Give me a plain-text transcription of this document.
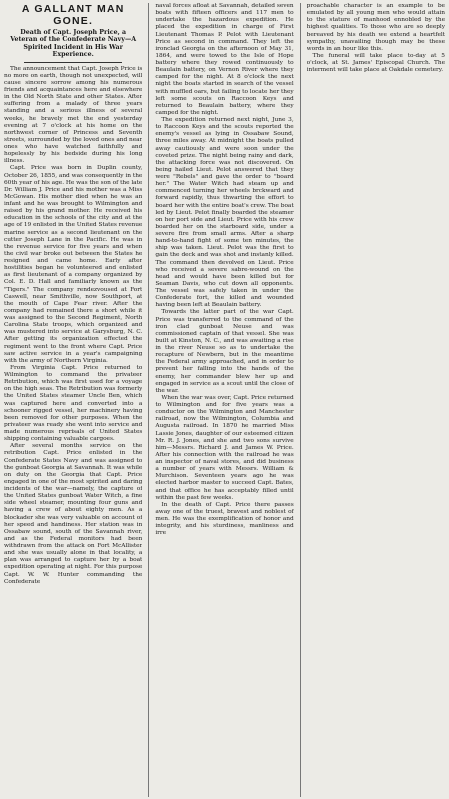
A GALLANT MAN GONE.
Death of Capt. Joseph Price, a Veteran of the Confederate Navy—A Spirited Incident in His War Experience.

The announcement that Capt. Joseph Price is no more on earth, though not unexpected, will cause sincere sorrow among his numerous friends and acquaintances here and elsewhere in the Old North State and other States. After suffering from a malady of three years standing and a serious illness of several weeks, he bravely met the end yesterday evening at 7 o'clock at his home on the northwest corner of Princess and Seventh streets, surrounded by the loved ones and near ones who have watched faithfully and hopelessly by his bedside during his long illness.

Capt. Price was born in Duplin county, October 26, 1855, and was consequently in the 60th year of his age. He was the son of the late Dr. William J. Price and his mother was a Miss McGowan. His mother died when he was an infant and he was brought to Wilmington and raised by his grand mother. He received his education in the schools of the city and at the age of 19 enlisted in the United States revenue marine service as a second lieutenant on the cutter Joseph Lane in the Pacific. He was in the revenue service for five years and when the civil war broke out between the States he resigned and came home. Early after hostilities began he volunteered and enlisted as first lieutenant of a company organized by Col. E. D. Hall and familiarly known as the "Tigers." The company rendezvoused at Fort Caswell, near Smithville, now Southport, at the mouth of Cape Fear river. After the company had remained there a short while it was assigned to the Second Regiment, North Carolina State troops, which organized and was mustered into service at Garysburg, N. C. After getting its organization effected the regiment went to the front where Capt. Price saw active service in a year's campaigning with the army of Northern Virginia.

From Virginia Capt. Price returned to Wilmington to command the privateer Retribution, which was first used for a voyage on the high seas. The Retribution was formerly the United States steamer Uncle Ben, which was captured here and converted into a schooner rigged vessel, her machinery having been removed for other purposes. When the privateer was ready she went into service and made numerous reprisals of United States shipping containing valuable cargoes.

After several months service on the retribution Capt. Price enlisted in the Confederate States Navy and was assigned to the gunboat Georgia at Savannah. It was while on duty on the Georgia that Capt. Price engaged in one of the most spirited and daring incidents of the war—namely, the capture of the United States gunboat Water Witch, a fine side wheel steamer, mounting four guns and having a crew of about eighty men. As a blockader she was very valuable on account of her speed and handiness. Her station was in Ossabaw sound, south of the Savannah river, and as the Federal monitors had been withdrawn from the attack on Fort McAllister and she was usually alone in that locality, a plan was arranged to capture her by a boat expedition operating at night. For this purpose Capt. W. W. Hunter commanding the Confederate

naval forces afloat at Savannah, detailed seven boats with fifteen officers and 117 men to undertake the hazardous expedition. He placed the expedition in charge of First Lieutenant Thomas P. Pelot with Lieutenant Price as second in command. They left the ironclad Georgia on the afternoon of May 31, 1864, and were towed to the Isle of Hope battery where they rowed continuously to Beaulain battery, on Vernon River where they camped for the night. At 8 o'clock the next night the boats started in search of the vessel with muffled oars, but failing to locate her they left some scouts on Raccoon Keys and returned to Beaulain battery, where they camped for the night.

The expedition returned next night, June 3, to Raccoon Keys and the scouts reported the enemy's vessel as lying in Ossabaw Sound, three miles away. At midnight the boats pulled away cautiously and were soon under the coveted prize. The night being rainy and dark, the attacking force was not discovered. On being hailed Lieut. Pelot answered that they were "Rebels" and gave the order to "board her." The Water Witch had steam up and commenced turning her wheels brckward and forward rapidly, thus thwarting the effort to board her with the entire boat's crew. The boat led by Lieut. Pelot finally boarded the steamer on her port side and Lieut. Price with his crew boarded her on the starboard side, under a severe fire from small arms. After a sharp hand-to-hand fight of some ten minutes, the ship was taken. Lieut. Pelot was the first to gain the deck and was shot and instanly killed. The command then devolved on Lieut. Price who received a severe sabre-wound on the head and would have been killed but for Seaman Davis, who cut down all opponents. The vessel was safely taken in under the Confederate fort, the killed and wounded having been left at Beaulain battery.

Towards the latter part of the war Capt. Price was transferred to the command of the iron clad gunboat Neuse and was commissioned captain of that vessel. She was built at Kinston, N. C., and was awaiting a rise in the river Neuse so as to undertake the recapture of Newbern, but in the meantime the Federal army approached, and in order to prevent her falling into the hands of the enemy, her commander blew her up and engaged in service as a scout until the close of the war.

When the war was over, Capt. Price returned to Wilmington and for five years was a conductor on the Wilmington and Manchester railroad, now the Wilmington, Columbia and Augusta railroad. In 1870 he married Miss Lassie Jones, daughter of our esteemed citizen Mr. R. J. Jones, and she and two sons survive him—Messrs. Richard J. and James W. Price. After his connection with the railroad he was an inspector of naval stores, and did business a number of years with Messrs. William & Murchison. Seventeen years ago he was elected harbor master to succeed Capt. Bates, and that office he has acceptably filled until within the past few weeks.

In the death of Capt. Price there passes away one of the truest, bravest and noblest of men. He was the exemplification of honor and integrity, and his sturdiness, manliness and irre

proachable character is an example to be emulated by all young men who would attain to the stature of manhood ennobled by the highest qualities. To those who are so deeply bereaved by his death we extend a heartfelt sympathy, unavailing though may be these words in an hour like this.

The funeral will take place to-day at 5 o'clock, at St. James' Episcopal Church. The interment will take place at Oakdale cemetery.
